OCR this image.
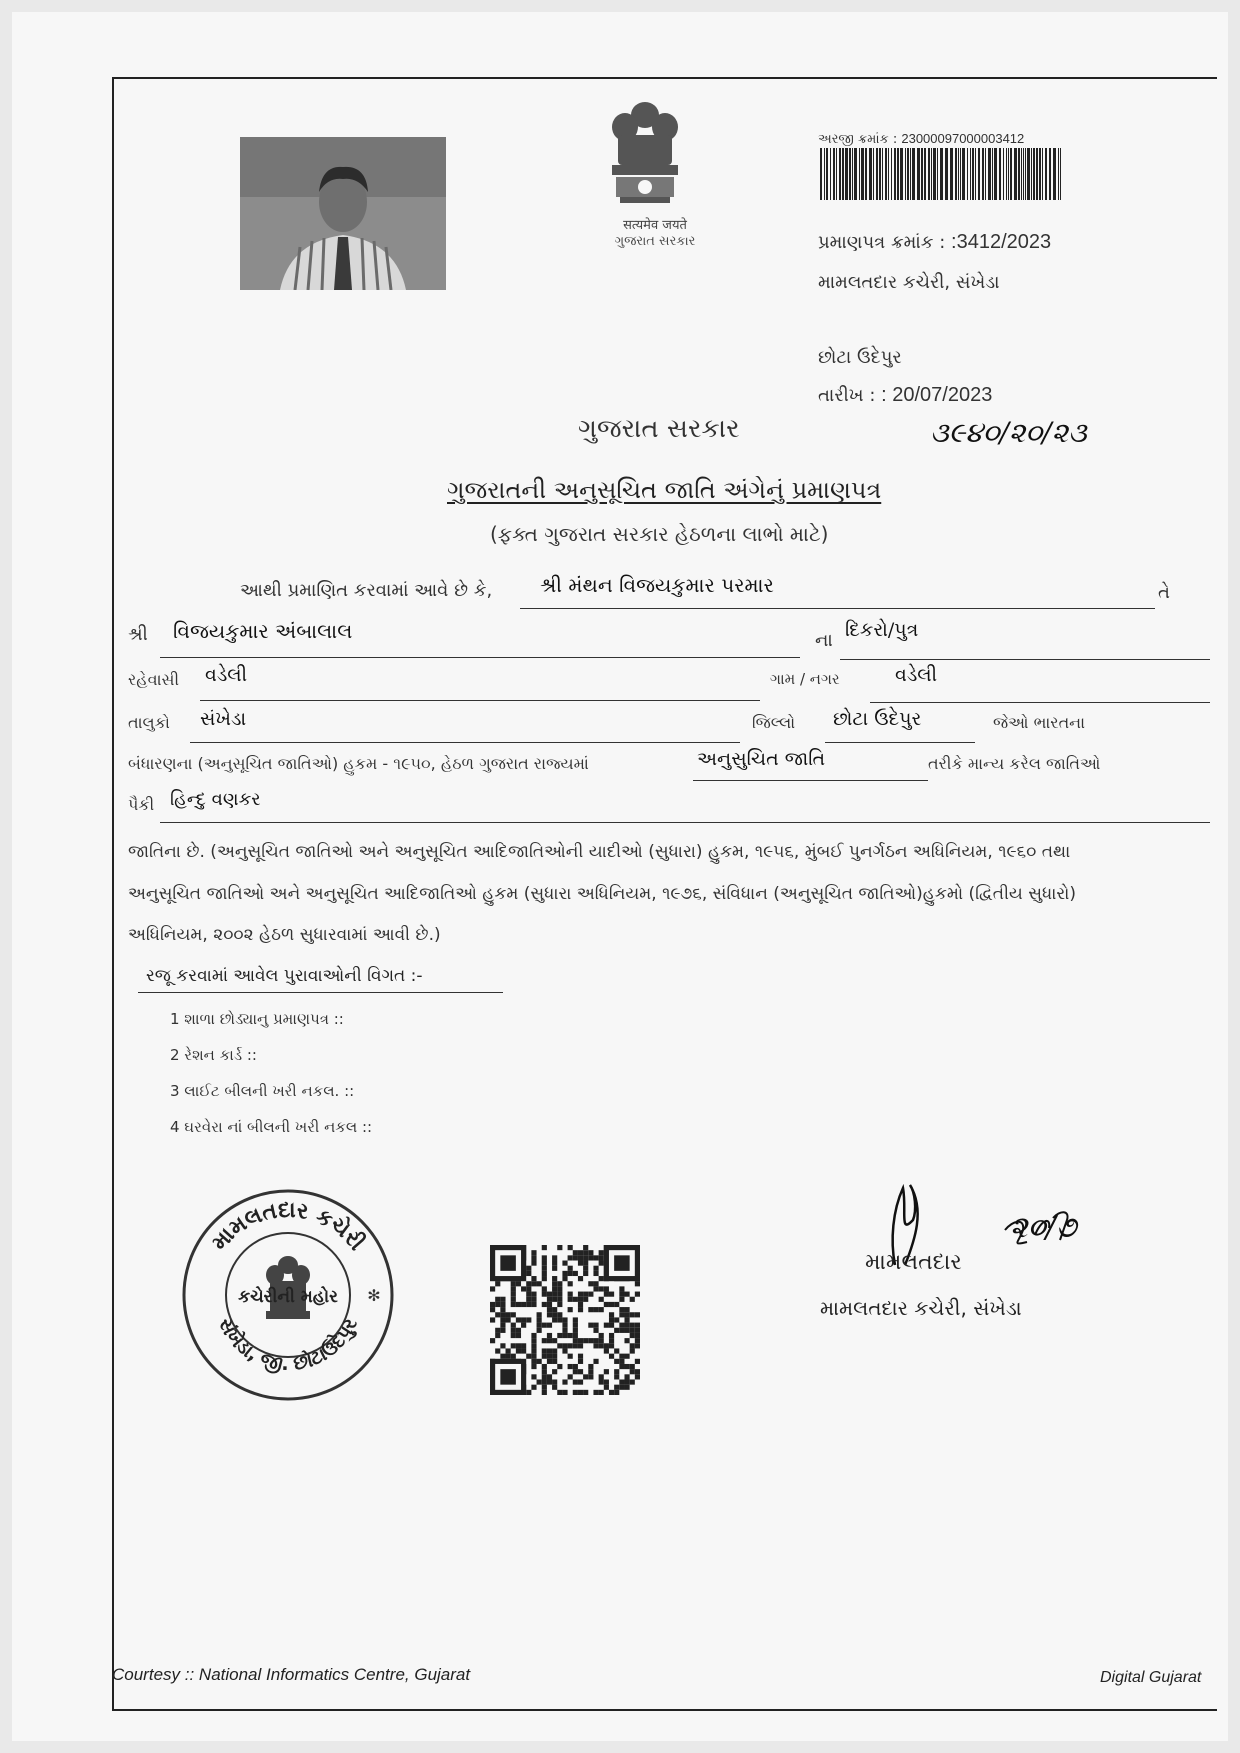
सत्यमेव जयते
ગુજરાત સરકાર
અરજી ક્રમાંક : 23000097000003412
પ્રમાણપત્ર ક્રમાંક : :3412/2023
મામલતદાર કચેરી, સંખેડા
છોટા ઉદેપુર
તારીખ : : 20/07/2023
૩૯૪૦/૨૦/૨૩
ગુજરાત સરકાર
ગુજરાતની અનુસૂચિત જાતિ અંગેનું પ્રમાણપત્ર
(ફક્ત ગુજરાત સરકાર હેઠળના લાભો માટે)
આથી પ્રમાણિત કરવામાં આવે છે કે, શ્રી મંથન વિજયકુમાર પરમાર	તે
શ્રી વિજયકુમાર અંબાલાલ	ના દિકરો/પુત્ર
રહેવાસી વડેલી	ગામ / નગર	વડેલી
તાલુકો સંખેડા	જિલ્લો છોટા ઉદેપુર	જેઓ ભારતના
બંધારણના (અનુસૂચિત જાતિઓ) હુકમ - ૧૯૫૦, હેઠળ ગુજરાત રાજ્યમાં	અનુસુચિત જાતિ	તરીકે માન્ય કરેલ જાતિઓ
પૈકી હિન્દુ વણકર
જાતિના છે. (અનુસૂચિત જાતિઓ અને અનુસૂચિત આદિજાતિઓની યાદીઓ (સુધારા) હુકમ, ૧૯૫૬, મુંબઈ પુનર્ગઠન અધિનિયમ, ૧૯૬૦ તથા
અનુસૂચિત જાતિઓ અને અનુસૂચિત આદિજાતિઓ હુકમ (સુધારા અધિનિયમ, ૧૯૭૬, સંવિધાન (અનુસૂચિત જાતિઓ)હુકમો (દ્વિતીય સુધારો)
અધિનિયમ, ૨૦૦૨ હેઠળ સુધારવામાં આવી છે.)
રજૂ કરવામાં આવેલ પુરાવાઓની વિગત :-
1 શાળા છોડ્યાનુ પ્રમાણપત્ર ::
2 રેશન કાર્ડ ::
3 લાઈટ બીલની ખરી નકલ. ::
4 ઘરવેરા નાં બીલની ખરી નકલ ::
મામલતદાર કચેરી
સંખેડા, જી. છોટાઉદેપુર
કચેરીની મહોર ✻
મામલતદાર
૨૦/૭
મામલતદાર કચેરી, સંખેડા
Courtesy :: National Informatics Centre, Gujarat	Digital Gujarat
